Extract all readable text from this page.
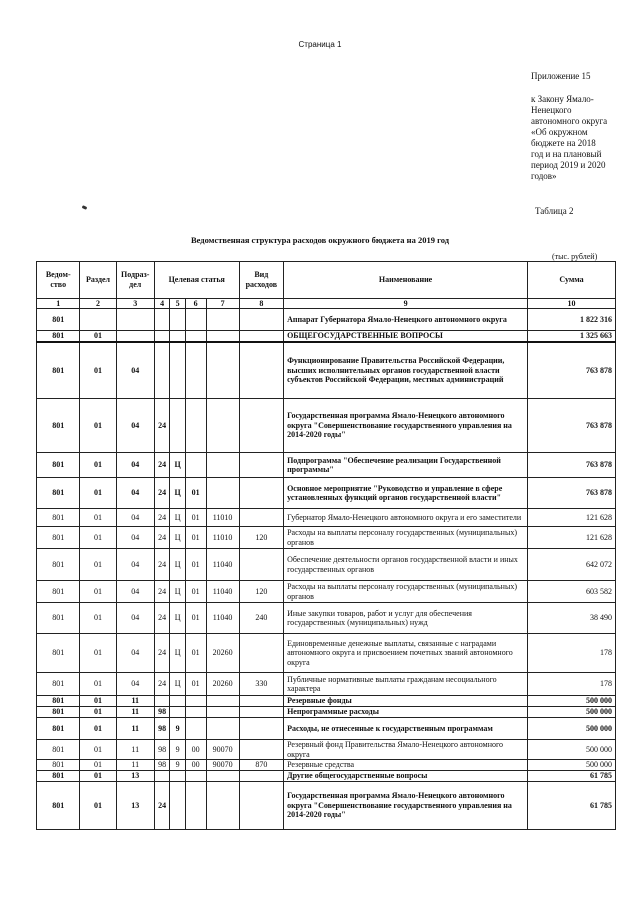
Страница 1
Приложение 15
к Закону Ямало-
Ненецкого
автономного округа
«Об окружном
бюджете на 2018
год и на плановый
период 2019 и 2020
годов»
Таблица 2
Ведомственная структура расходов окружного бюджета на 2019 год
(тыс. рублей)
Ведом-ство	Раздел	Подраз-дел	Целевая статья				Вид расходов	Наименование	Сумма
1	2	3	4	5	6	7	8	9	10
801								Аппарат Губернатора Ямало-Ненецкого автономного округа	1 822 316
801	01							ОБЩЕГОСУДАРСТВЕННЫЕ ВОПРОСЫ	1 325 663
801	01	04						Функционирование Правительства Российской Федерации, высших исполнительных органов государственной власти субъектов Российской Федерации, местных администраций	763 878
801	01	04	24					Государственная программа Ямало-Ненецкого автономного округа "Совершенствование государственного управления на 2014-2020 годы"	763 878
801	01	04	24	Ц				Подпрограмма "Обеспечение реализации Государственной программы"	763 878
801	01	04	24	Ц	01			Основное мероприятие "Руководство и управление в сфере установленных функций органов государственной власти"	763 878
801	01	04	24	Ц	01	11010		Губернатор Ямало-Ненецкого автономного округа и его заместители	121 628
801	01	04	24	Ц	01	11010	120	Расходы на выплаты персоналу государственных (муниципальных) органов	121 628
801	01	04	24	Ц	01	11040		Обеспечение деятельности органов государственной власти и иных государственных органов	642 072
801	01	04	24	Ц	01	11040	120	Расходы на выплаты персоналу государственных (муниципальных) органов	603 582
801	01	04	24	Ц	01	11040	240	Иные закупки товаров, работ и услуг для обеспечения государственных (муниципальных) нужд	38 490
801	01	04	24	Ц	01	20260		Единовременные денежные выплаты, связанные с наградами автономного округа и присвоением почетных званий автономного округа	178
801	01	04	24	Ц	01	20260	330	Публичные нормативные выплаты гражданам несоциального характера	178
801	01	11						Резервные фонды	500 000
801	01	11	98					Непрограммные расходы	500 000
801	01	11	98	9				Расходы, не отнесенные к государственным программам	500 000
801	01	11	98	9	00	90070		Резервный фонд Правительства Ямало-Ненецкого автономного округа	500 000
801	01	11	98	9	00	90070	870	Резервные средства	500 000
801	01	13						Другие общегосударственные вопросы	61 785
801	01	13	24					Государственная программа Ямало-Ненецкого автономного округа "Совершенствование государственного управления на 2014-2020 годы"	61 785
